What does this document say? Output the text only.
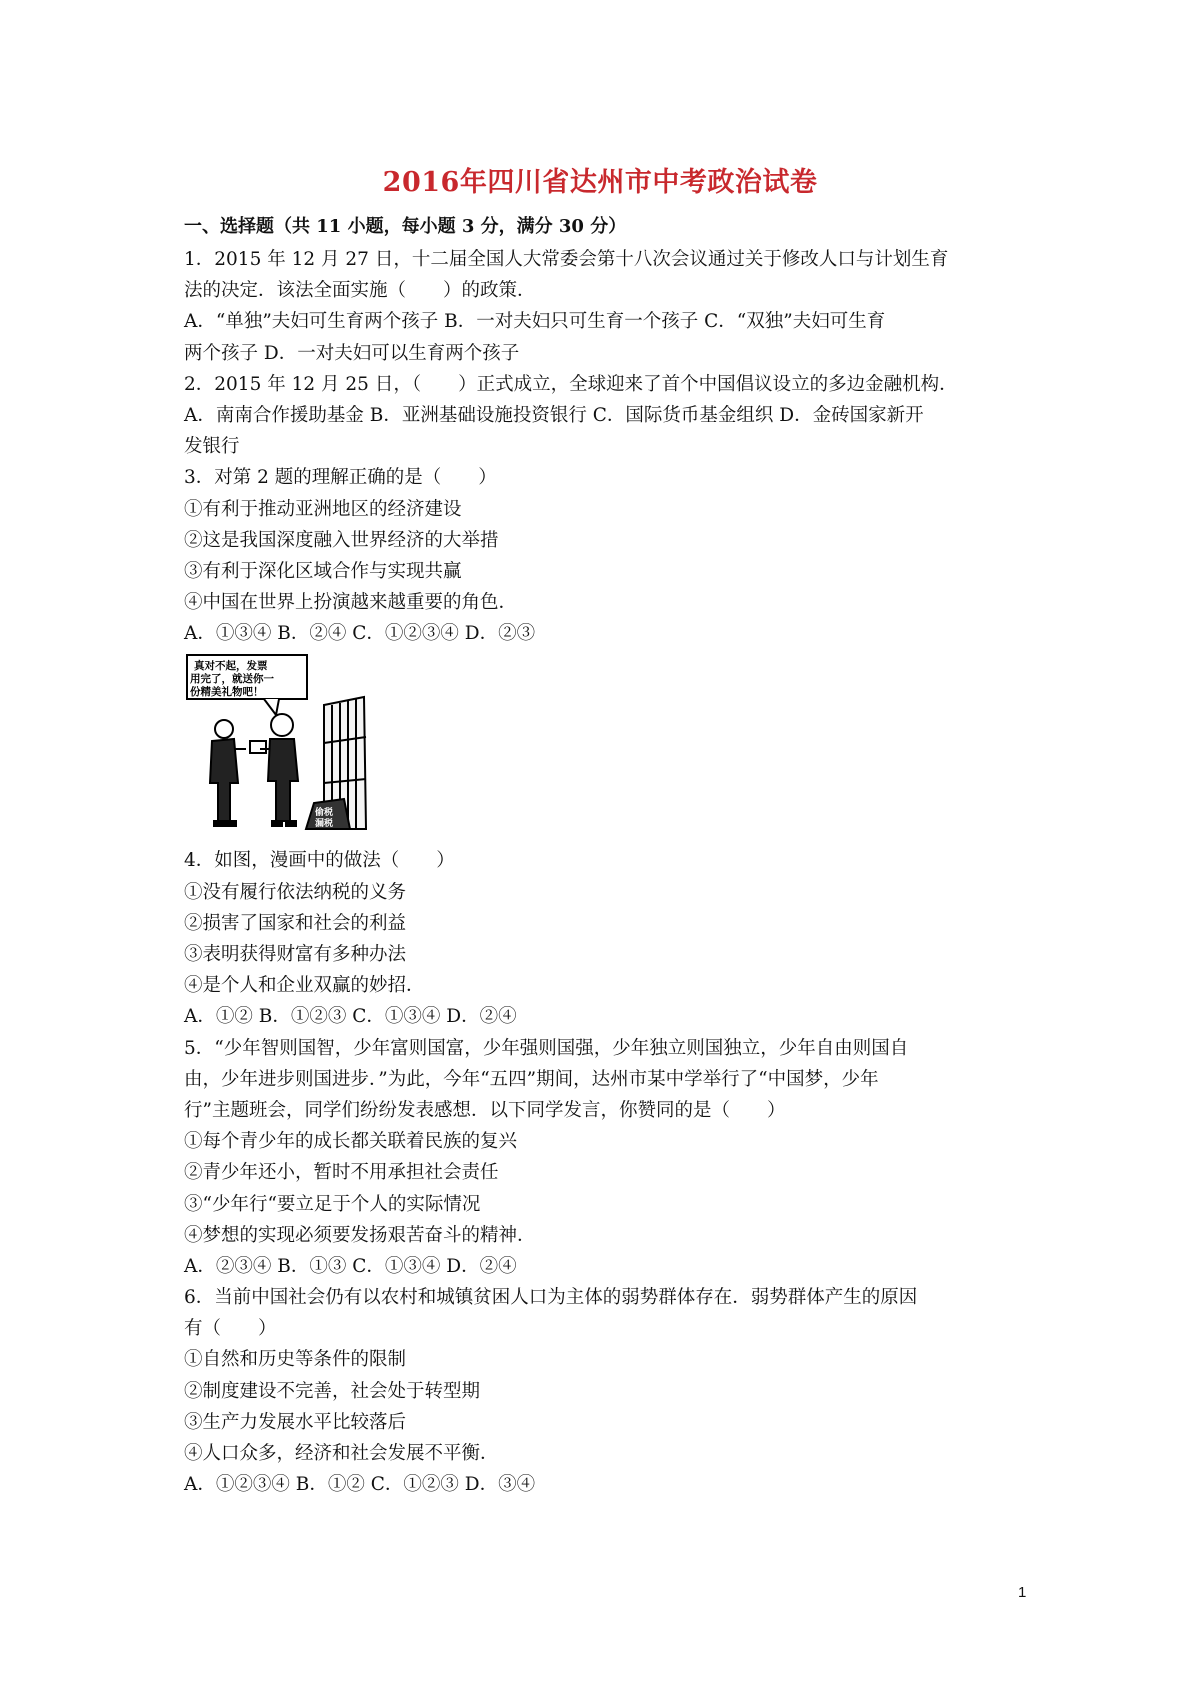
2016年四川省达州市中考政治试卷
一、选择题（共 11 小题，每小题 3 分，满分 30 分）
1．2015 年 12 月 27 日，十二届全国人大常委会第十八次会议通过关于修改人口与计划生育
法的决定．该法全面实施（　　）的政策．
A．“单独”夫妇可生育两个孩子 B．一对夫妇只可生育一个孩子 C．“双独”夫妇可生育
两个孩子 D．一对夫妇可以生育两个孩子
2．2015 年 12 月 25 日，（　　）正式成立，全球迎来了首个中国倡议设立的多边金融机构．
A．南南合作援助基金 B．亚洲基础设施投资银行 C．国际货币基金组织 D．金砖国家新开
发银行
3．对第 2 题的理解正确的是（　　）
①有利于推动亚洲地区的经济建设
②这是我国深度融入世界经济的大举措
③有利于深化区域合作与实现共赢
④中国在世界上扮演越来越重要的角色．
A．①③④ B．②④ C．①②③④ D．②③
真对不起，发票
用完了，就送你一
份精美礼物吧！
偷税
漏税
4．如图，漫画中的做法（　　）
①没有履行依法纳税的义务
②损害了国家和社会的利益
③表明获得财富有多种办法
④是个人和企业双赢的妙招．
A．①② B．①②③ C．①③④ D．②④
5．“少年智则国智，少年富则国富，少年强则国强，少年独立则国独立，少年自由则国自
由，少年进步则国进步．”为此，今年“五四”期间，达州市某中学举行了“中国梦，少年
行”主题班会，同学们纷纷发表感想．以下同学发言，你赞同的是（　　）
①每个青少年的成长都关联着民族的复兴
②青少年还小，暂时不用承担社会责任
③“少年行“要立足于个人的实际情况
④梦想的实现必须要发扬艰苦奋斗的精神．
A．②③④ B．①③ C．①③④ D．②④
6．当前中国社会仍有以农村和城镇贫困人口为主体的弱势群体存在．弱势群体产生的原因
有（　　）
①自然和历史等条件的限制
②制度建设不完善，社会处于转型期
③生产力发展水平比较落后
④人口众多，经济和社会发展不平衡．
A．①②③④ B．①② C．①②③ D．③④
1
